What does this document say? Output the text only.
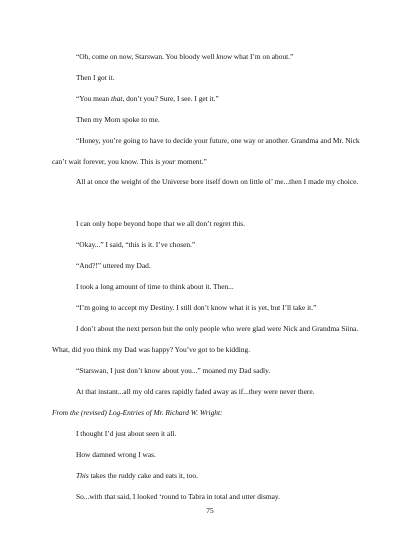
“Oh, come on now, Starswan. You bloody well know what I’m on about.”

Then I got it.

“You mean that, don’t you? Sure, I see. I get it.”

Then my Mom spoke to me.

“Honey, you’re going to have to decide your future, one way or another. Grandma and Mr. Nick can’t wait forever, you know. This is your moment.”

All at once the weight of the Universe bore itself down on little ol’ me...then I made my choice.

I can only hope beyond hope that we all don’t regret this.

“Okay...” I said, “this is it. I’ve chosen.”

“And?!” uttered my Dad.

I took a long amount of time to think about it. Then...

“I’m going to accept my Destiny. I still don’t know what it is yet, but I’ll take it.”

I don’t about the next person but the only people who were glad were Nick and Grandma Siina. What, did you think my Dad was happy? You’ve got to be kidding.

“Starswan, I just don’t know about you...” moaned my Dad sadly.

At that instant...all my old cares rapidly faded away as if...they were never there.

From the (revised) Log-Entries of Mr. Richard W. Wright:

I thought I’d just about seen it all.

How damned wrong I was.

This takes the ruddy cake and eats it, too.

So...with that said, I looked ‘round to Tabra in total and utter dismay.

75
